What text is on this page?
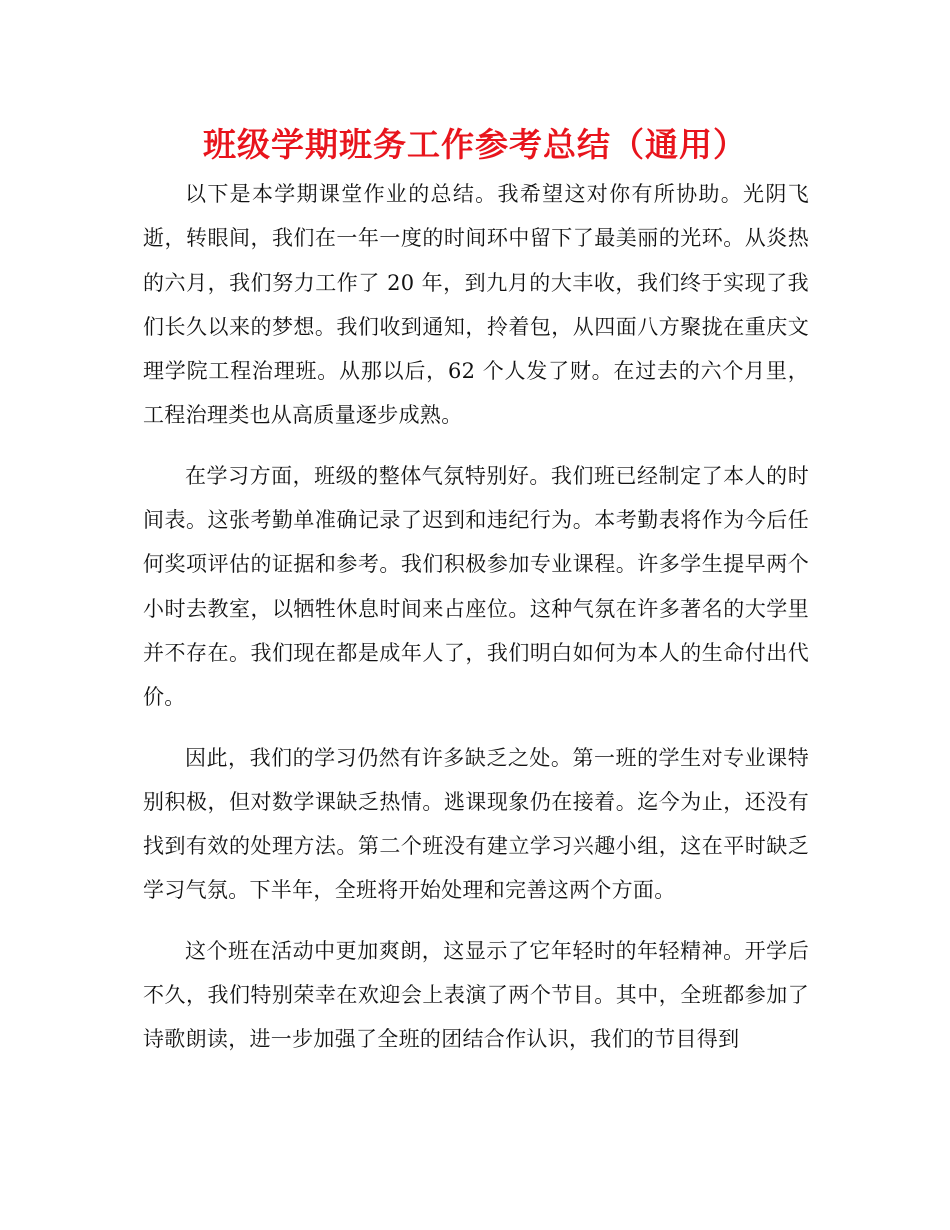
班级学期班务工作参考总结（通用）

以下是本学期课堂作业的总结。我希望这对你有所协助。光阴飞逝，转眼间，我们在一年一度的时间环中留下了最美丽的光环。从炎热的六月，我们努力工作了 20 年，到九月的大丰收，我们终于实现了我们长久以来的梦想。我们收到通知，拎着包，从四面八方聚拢在重庆文理学院工程治理班。从那以后，62 个人发了财。在过去的六个月里，工程治理类也从高质量逐步成熟。

在学习方面，班级的整体气氛特别好。我们班已经制定了本人的时间表。这张考勤单准确记录了迟到和违纪行为。本考勤表将作为今后任何奖项评估的证据和参考。我们积极参加专业课程。许多学生提早两个小时去教室，以牺牲休息时间来占座位。这种气氛在许多著名的大学里并不存在。我们现在都是成年人了，我们明白如何为本人的生命付出代价。

因此，我们的学习仍然有许多缺乏之处。第一班的学生对专业课特别积极，但对数学课缺乏热情。逃课现象仍在接着。迄今为止，还没有找到有效的处理方法。第二个班没有建立学习兴趣小组，这在平时缺乏学习气氛。下半年，全班将开始处理和完善这两个方面。

这个班在活动中更加爽朗，这显示了它年轻时的年轻精神。开学后不久，我们特别荣幸在欢迎会上表演了两个节目。其中，全班都参加了诗歌朗读，进一步加强了全班的团结合作认识，我们的节目得到
